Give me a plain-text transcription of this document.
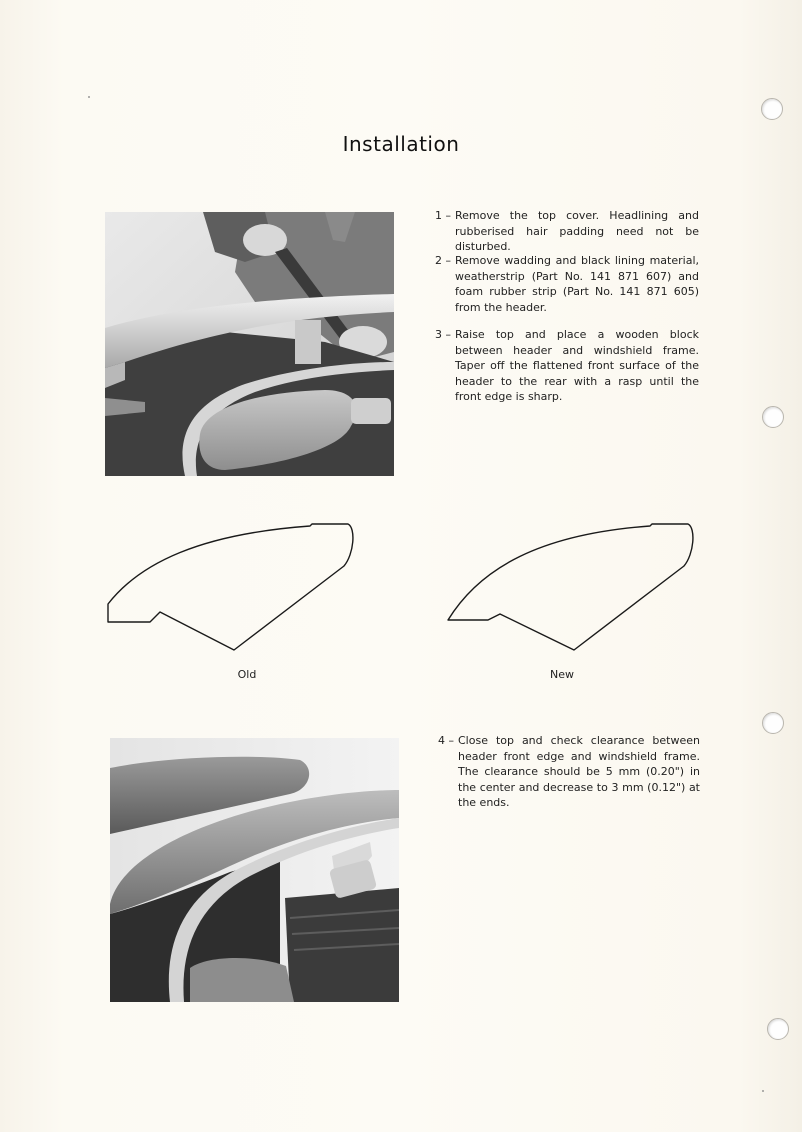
Installation
1 – Remove the top cover. Headlining and rubberised hair padding need not be disturbed.
2 – Remove wadding and black lining material, weatherstrip (Part No. 141 871 607) and foam rubber strip (Part No. 141 871 605) from the header.
3 – Raise top and place a wooden block between header and windshield frame. Taper off the flattened front surface of the header to the rear with a rasp until the front edge is sharp.
Old	New
4 – Close top and check clearance between header front edge and windshield frame. The clearance should be 5 mm (0.20") in the center and decrease to 3 mm (0.12") at the ends.
